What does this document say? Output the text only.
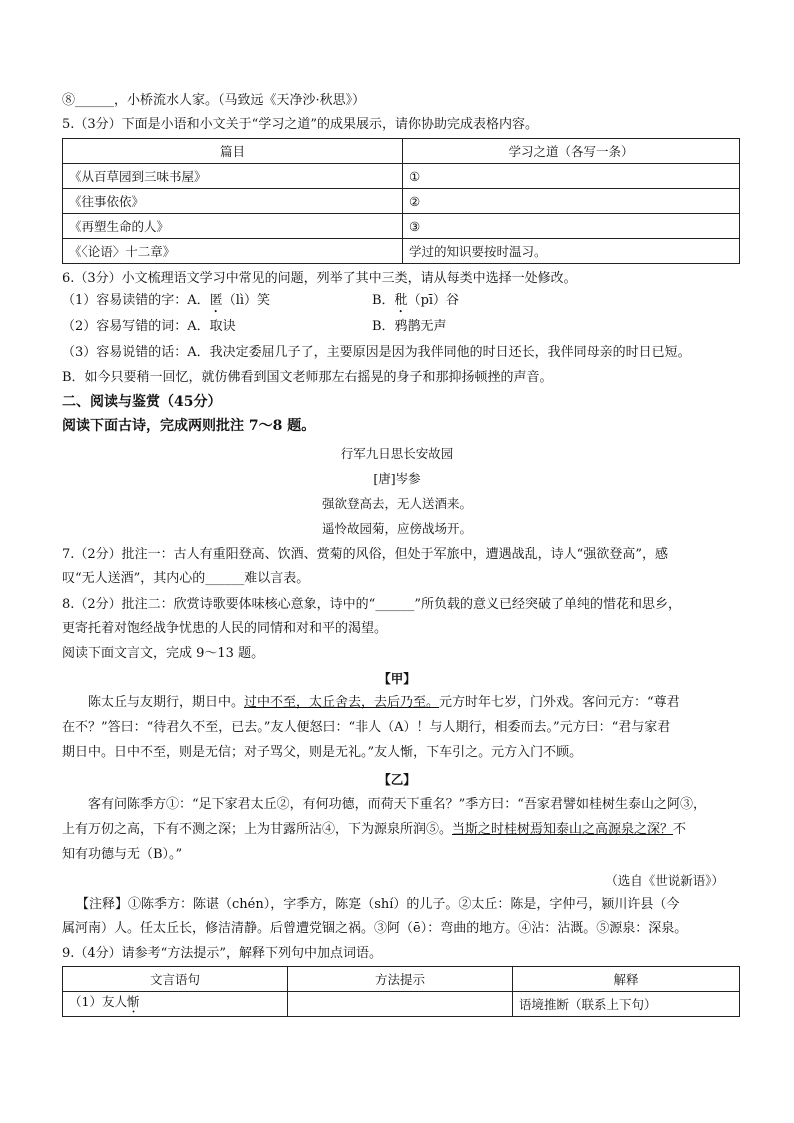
⑧______，小桥流水人家。（马致远《天净沙·秋思》）
5.（3分）下面是小语和小文关于“学习之道”的成果展示，请你协助完成表格内容。
篇目	学习之道（各写一条）
《从百草园到三味书屋》	①
《往事依依》	②
《再塑生命的人》	③
《〈论语〉十二章》	学过的知识要按时温习。
6.（3分）小文梳理语文学习中常见的问题，列举了其中三类，请从每类中选择一处修改。
（1）容易读错的字：A．匿（lì）笑	B．秕（pī）谷
（2）容易写错的词：A．取诀	B．鸦鹊无声
（3）容易说错的话：A．我决定委屈几子了，主要原因是因为我伴同他的时日还长，我伴同母亲的时日已短。
B．如今只要稍一回忆，就仿佛看到国文老师那左右摇晃的身子和那抑扬顿挫的声音。
二、阅读与鉴赏（45分）
阅读下面古诗，完成两则批注 7～8 题。
行军九日思长安故园
[唐]岑参
强欲登高去，无人送酒来。
遥怜故园菊，应傍战场开。
7.（2分）批注一：古人有重阳登高、饮酒、赏菊的风俗，但处于军旅中，遭遇战乱，诗人“强欲登高”，感
叹“无人送酒”，其内心的______难以言表。
8.（2分）批注二：欣赏诗歌要体味核心意象，诗中的“______”所负载的意义已经突破了单纯的惜花和思乡，
更寄托着对饱经战争忧患的人民的同情和对和平的渴望。
阅读下面文言文，完成 9～13 题。
【甲】
陈太丘与友期行，期日中。过中不至，太丘舍去，去后乃至。元方时年七岁，门外戏。客问元方：“尊君
在不？”答曰：“待君久不至，已去。”友人便怒曰：“非人（A）！与人期行，相委而去。”元方曰：“君与家君
期日中。日中不至，则是无信；对子骂父，则是无礼。”友人惭，下车引之。元方入门不顾。
【乙】
客有问陈季方①：“足下家君太丘②，有何功德，而荷天下重名？”季方曰：“吾家君譬如桂树生泰山之阿③，
上有万仞之高，下有不测之深；上为甘露所沾④，下为源泉所润⑤。当斯之时桂树焉知泰山之高源泉之深？不
知有功德与无（B）。”
（选自《世说新语》）
【注释】①陈季方：陈谌（chén），字季方，陈寔（shí）的儿子。②太丘：陈是，字仲弓，颍川许县（今
属河南）人。任太丘长，修洁清静。后曾遭党锢之祸。③阿（ē）：弯曲的地方。④沾：沾溉。⑤源泉：深泉。
9.（4分）请参考“方法提示”，解释下列句中加点词语。
文言语句	方法提示	解释
（1）友人惭		语境推断（联系上下句）
